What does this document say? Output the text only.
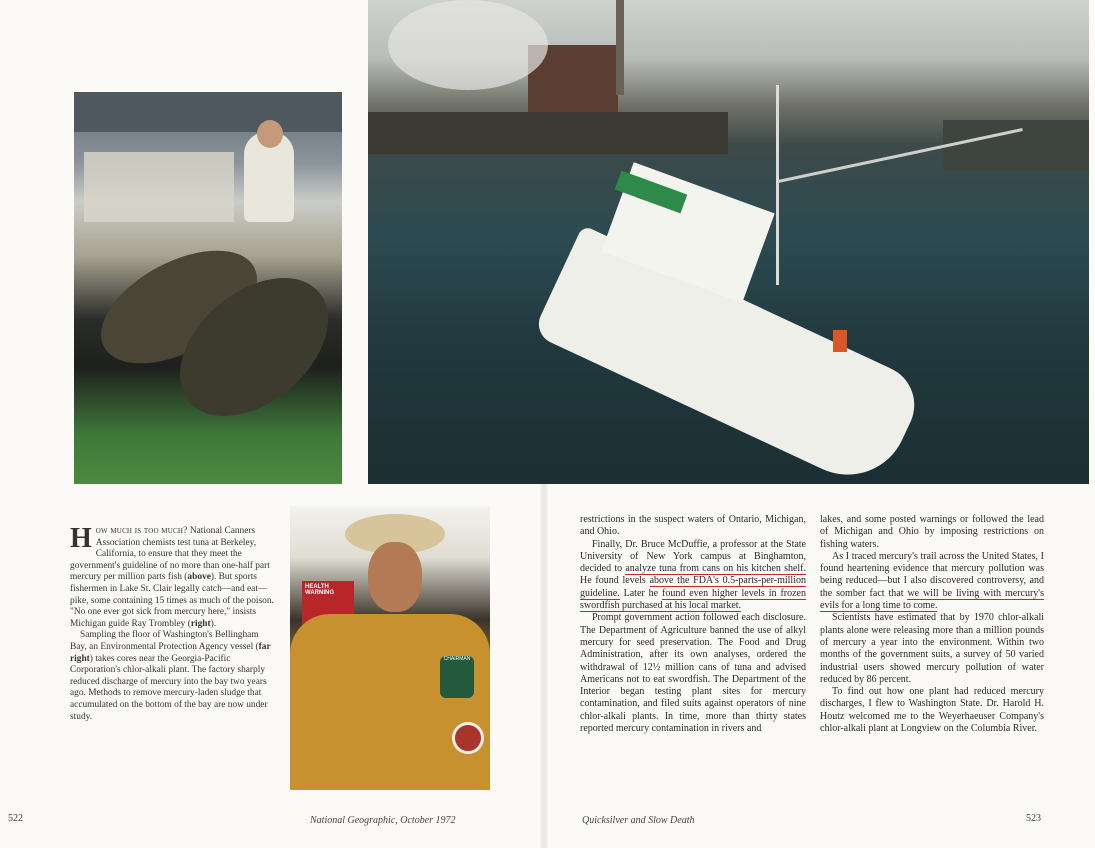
HEALTH WARNING
CHAIRMAN

How much is too much? National Canners Association chemists test tuna at Berkeley, California, to ensure that they meet the government's guideline of no more than one-half part mercury per million parts fish (above). But sports fishermen in Lake St. Clair legally catch—and eat—pike, some containing 15 times as much of the poison. "No one ever got sick from mercury here," insists Michigan guide Ray Trombley (right).

Sampling the floor of Washington's Bellingham Bay, an Environmental Protection Agency vessel (far right) takes cores near the Georgia-Pacific Corporation's chlor-alkali plant. The factory sharply reduced discharge of mercury into the bay two years ago. Methods to remove mercury-laden sludge that accumulated on the bottom of the bay are now under study.

restrictions in the suspect waters of Ontario, Michigan, and Ohio.

Finally, Dr. Bruce McDuffie, a professor at the State University of New York campus at Binghamton, decided to analyze tuna from cans on his kitchen shelf. He found levels above the FDA's 0.5-parts-per-million guideline. Later he found even higher levels in frozen swordfish purchased at his local market.

Prompt government action followed each disclosure. The Department of Agriculture banned the use of alkyl mercury for seed preservation. The Food and Drug Administration, after its own analyses, ordered the withdrawal of 12½ million cans of tuna and advised Americans not to eat swordfish. The Department of the Interior began testing plant sites for mercury contamination, and filed suits against operators of nine chlor-alkali plants. In time, more than thirty states reported mercury contamination in rivers and

lakes, and some posted warnings or followed the lead of Michigan and Ohio by imposing restrictions on fishing waters.

As I traced mercury's trail across the United States, I found heartening evidence that mercury pollution was being reduced—but I also discovered controversy, and the somber fact that we will be living with mercury's evils for a long time to come.

Scientists have estimated that by 1970 chlor-alkali plants alone were releasing more than a million pounds of mercury a year into the environment. Within two months of the government suits, a survey of 50 varied industrial users showed mercury pollution of water reduced by 86 percent.

To find out how one plant had reduced mercury discharges, I flew to Washington State. Dr. Harold H. Houtz welcomed me to the Weyerhaeuser Company's chlor-alkali plant at Longview on the Columbia River.

522	National Geographic, October 1972	Quicksilver and Slow Death	523
